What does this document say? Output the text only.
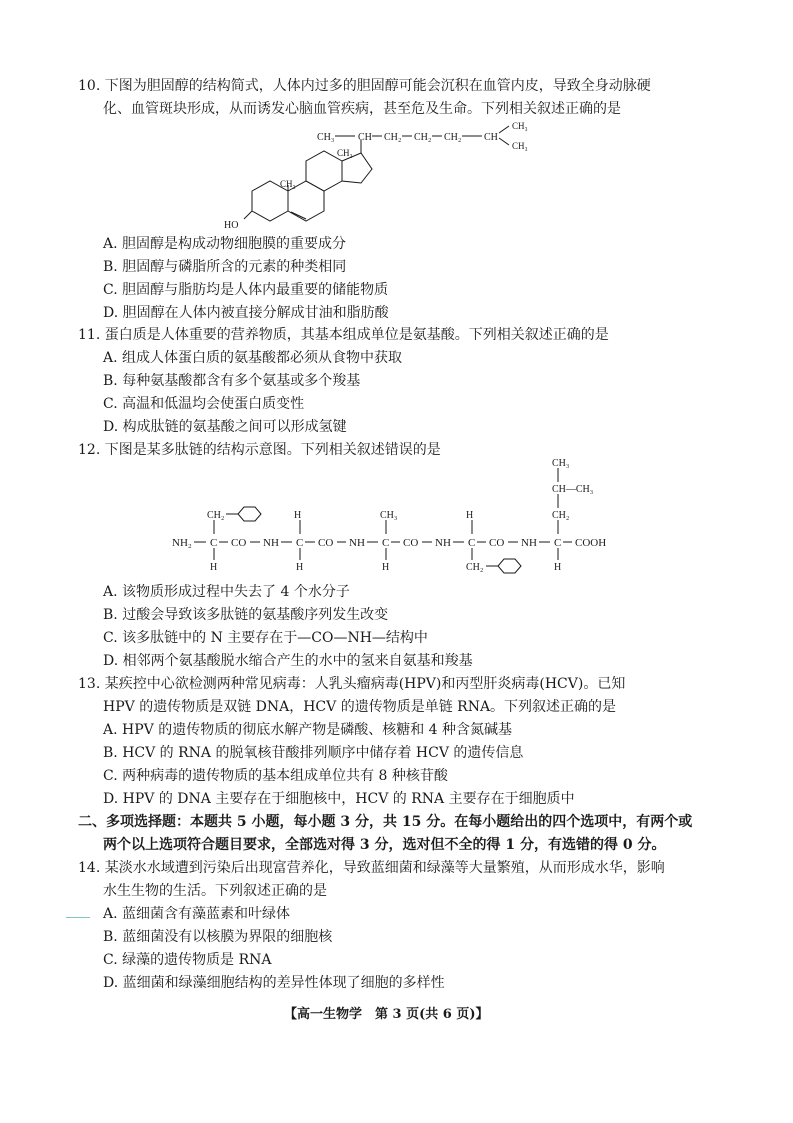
10. 下图为胆固醇的结构简式，人体内过多的胆固醇可能会沉积在血管内皮，导致全身动脉硬
化、血管斑块形成，从而诱发心脑血管疾病，甚至危及生命。下列相关叙述正确的是
CH₃ CH CH₂ CH₂ CH₂ CH
CH₃
CH₃
CH₃
CH₃
HO
A. 胆固醇是构成动物细胞膜的重要成分
B. 胆固醇与磷脂所含的元素的种类相同
C. 胆固醇与脂肪均是人体内最重要的储能物质
D. 胆固醇在人体内被直接分解成甘油和脂肪酸
11. 蛋白质是人体重要的营养物质，其基本组成单位是氨基酸。下列相关叙述正确的是
A. 组成人体蛋白质的氨基酸都必须从食物中获取
B. 每种氨基酸都含有多个氨基或多个羧基
C. 高温和低温均会使蛋白质变性
D. 构成肽链的氨基酸之间可以形成氢键
12. 下图是某多肽链的结构示意图。下列相关叙述错误的是
NH₂ C CO NH C CO NH C CO NH C CO NH C COOH
CH₂	H	CH₃	H	CH₂
CH₃
CH—CH₃
H	H	H	CH₂	H
A. 该物质形成过程中失去了 4 个水分子
B. 过酸会导致该多肽链的氨基酸序列发生改变
C. 该多肽链中的 N 主要存在于—CO—NH—结构中
D. 相邻两个氨基酸脱水缩合产生的水中的氢来自氨基和羧基
13. 某疾控中心欲检测两种常见病毒：人乳头瘤病毒(HPV)和丙型肝炎病毒(HCV)。已知
HPV 的遗传物质是双链 DNA，HCV 的遗传物质是单链 RNA。下列叙述正确的是
A. HPV 的遗传物质的彻底水解产物是磷酸、核糖和 4 种含氮碱基
B. HCV 的 RNA 的脱氧核苷酸排列顺序中储存着 HCV 的遗传信息
C. 两种病毒的遗传物质的基本组成单位共有 8 种核苷酸
D. HPV 的 DNA 主要存在于细胞核中，HCV 的 RNA 主要存在于细胞质中
二、多项选择题：本题共 5 小题，每小题 3 分，共 15 分。在每小题给出的四个选项中，有两个或
两个以上选项符合题目要求，全部选对得 3 分，选对但不全的得 1 分，有选错的得 0 分。
14. 某淡水水域遭到污染后出现富营养化，导致蓝细菌和绿藻等大量繁殖，从而形成水华，影响
水生生物的生活。下列叙述正确的是
A. 蓝细菌含有藻蓝素和叶绿体
B. 蓝细菌没有以核膜为界限的细胞核
C. 绿藻的遗传物质是 RNA
D. 蓝细菌和绿藻细胞结构的差异性体现了细胞的多样性
【高一生物学　第 3 页(共 6 页)】
